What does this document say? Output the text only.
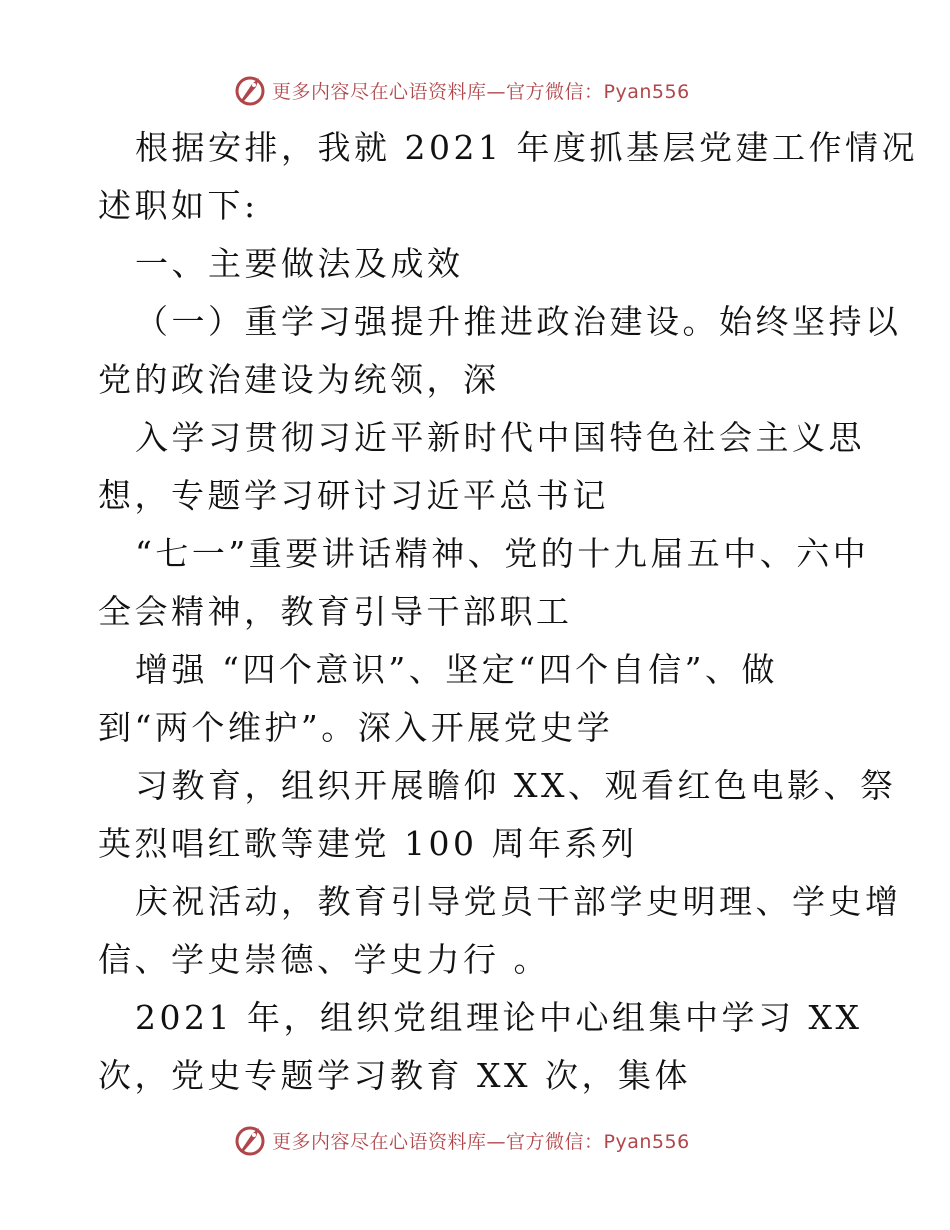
更多内容尽在心语资料库—官方微信：Pyan556
根据安排，我就 2021 年度抓基层党建工作情况
述职如下:
一、主要做法及成效
（一）重学习强提升推进政治建设。始终坚持以
党的政治建设为统领，深
入学习贯彻习近平新时代中国特色社会主义思
想，专题学习研讨习近平总书记
“七一”重要讲话精神、党的十九届五中、六中
全会精神，教育引导干部职工
增强 “四个意识”、坚定“四个自信”、做
到“两个维护”。深入开展党史学
习教育，组织开展瞻仰 XX、观看红色电影、祭
英烈唱红歌等建党 100 周年系列
庆祝活动，教育引导党员干部学史明理、学史增
信、学史崇德、学史力行 。
2021 年，组织党组理论中心组集中学习 XX
次，党史专题学习教育 XX 次，集体
更多内容尽在心语资料库—官方微信：Pyan556
